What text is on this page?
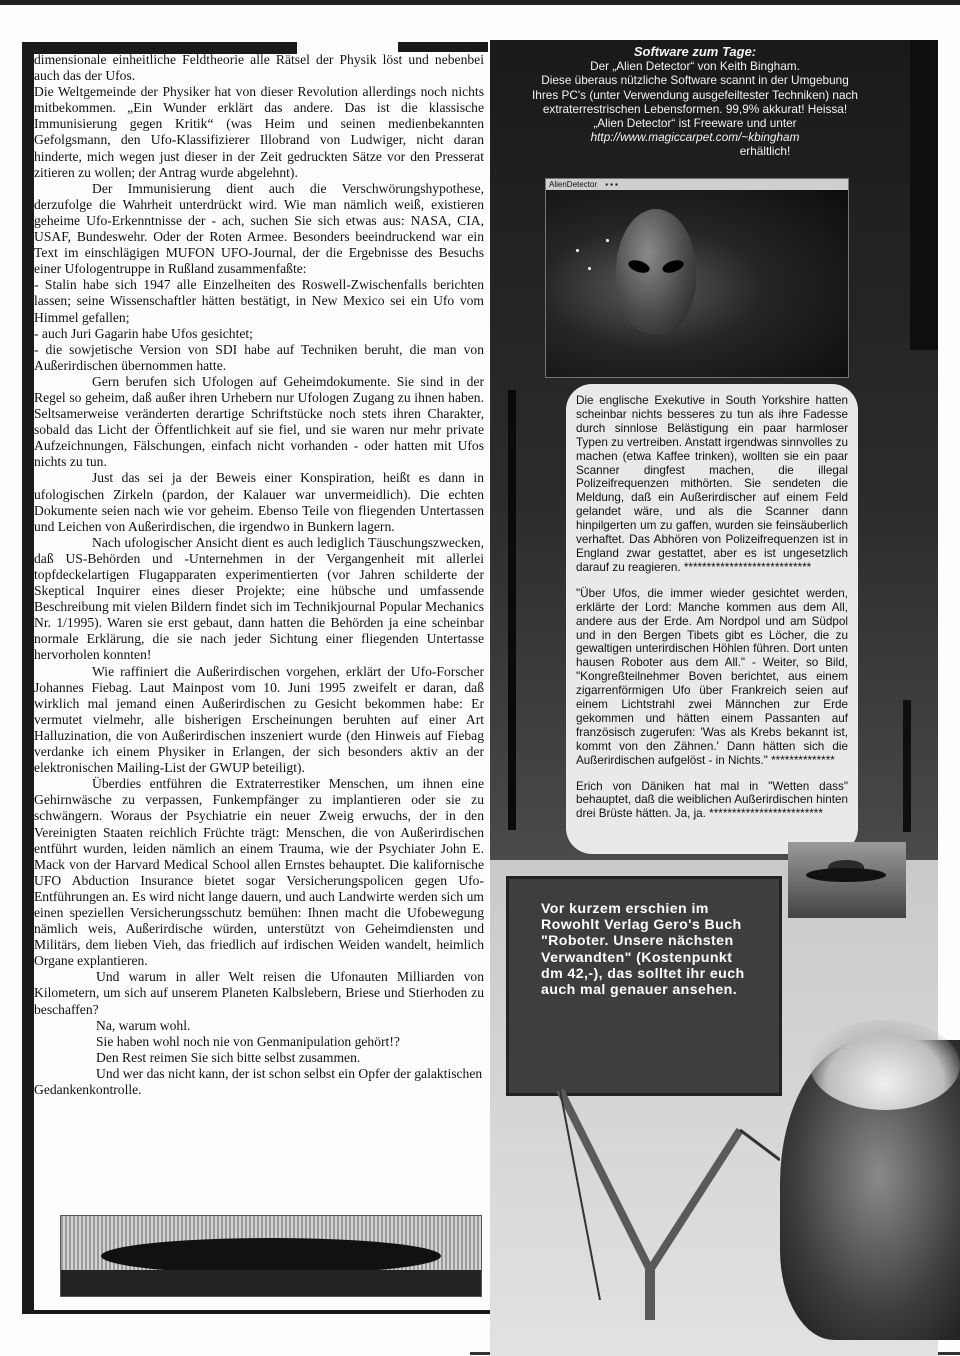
dimensionale einheitliche Feldtheorie alle Rätsel der Physik löst und nebenbei auch das der Ufos.

Die Weltgemeinde der Physiker hat von dieser Revolution allerdings noch nichts mitbekommen. „Ein Wunder erklärt das andere. Das ist die klassische Immunisierung gegen Kritik“ (was Heim und seinen medienbekannten Gefolgsmann, den Ufo-Klassifizierer Illobrand von Ludwiger, nicht daran hinderte, mich wegen just dieser in der Zeit gedruckten Sätze vor den Presserat zitieren zu wollen; der Antrag wurde abgelehnt).

Der Immunisierung dient auch die Verschwörungshypothese, derzufolge die Wahrheit unterdrückt wird. Wie man nämlich weiß, existieren geheime Ufo-Erkenntnisse der - ach, suchen Sie sich etwas aus: NASA, CIA, USAF, Bundeswehr. Oder der Roten Armee. Besonders beeindruckend war ein Text im einschlägigen MUFON UFO-Journal, der die Ergebnisse des Besuchs einer Ufologentruppe in Rußland zusammenfaßte:

- Stalin habe sich 1947 alle Einzelheiten des Roswell-Zwischenfalls berichten lassen; seine Wissenschaftler hätten bestätigt, in New Mexico sei ein Ufo vom Himmel gefallen;

- auch Juri Gagarin habe Ufos gesichtet;

- die sowjetische Version von SDI habe auf Techniken beruht, die man von Außerirdischen übernommen hatte.

Gern berufen sich Ufologen auf Geheimdokumente. Sie sind in der Regel so geheim, daß außer ihren Urhebern nur Ufologen Zugang zu ihnen haben. Seltsamerweise veränderten derartige Schriftstücke noch stets ihren Charakter, sobald das Licht der Öffentlichkeit auf sie fiel, und sie waren nur mehr private Aufzeichnungen, Fälschungen, einfach nicht vorhanden - oder hatten mit Ufos nichts zu tun.

Just das sei ja der Beweis einer Konspiration, heißt es dann in ufologischen Zirkeln (pardon, der Kalauer war unvermeidlich). Die echten Dokumente seien nach wie vor geheim. Ebenso Teile von fliegenden Untertassen und Leichen von Außerirdischen, die irgendwo in Bunkern lagern.

Nach ufologischer Ansicht dient es auch lediglich Täuschungszwecken, daß US-Behörden und -Unternehmen in der Vergangenheit mit allerlei topfdeckelartigen Flugapparaten experimentierten (vor Jahren schilderte der Skeptical Inquirer eines dieser Projekte; eine hübsche und umfassende Beschreibung mit vielen Bildern findet sich im Technikjournal Popular Mechanics Nr. 1/1995). Waren sie erst gebaut, dann hatten die Behörden ja eine scheinbar normale Erklärung, die sie nach jeder Sichtung einer fliegenden Untertasse hervorholen konnten!

Wie raffiniert die Außerirdischen vorgehen, erklärt der Ufo-Forscher Johannes Fiebag. Laut Mainpost vom 10. Juni 1995 zweifelt er daran, daß wirklich mal jemand einen Außerirdischen zu Gesicht bekommen habe: Er vermutet vielmehr, alle bisherigen Erscheinungen beruhten auf einer Art Halluzination, die von Außerirdischen inszeniert wurde (den Hinweis auf Fiebag verdanke ich einem Physiker in Erlangen, der sich besonders aktiv an der elektronischen Mailing-List der GWUP beteiligt).

Überdies entführen die Extraterrestiker Menschen, um ihnen eine Gehirnwäsche zu verpassen, Funkempfänger zu implantieren oder sie zu schwängern. Woraus der Psychiatrie ein neuer Zweig erwuchs, der in den Vereinigten Staaten reichlich Früchte trägt: Menschen, die von Außerirdischen entführt wurden, leiden nämlich an einem Trauma, wie der Psychiater John E. Mack von der Harvard Medical School allen Ernstes behauptet. Die kalifornische UFO Abduction Insurance bietet sogar Versicherungspolicen gegen Ufo-Entführungen an. Es wird nicht lange dauern, und auch Landwirte werden sich um einen speziellen Versicherungsschutz bemühen: Ihnen macht die Ufobewegung nämlich weis, Außerirdische würden, unterstützt von Geheimdiensten und Militärs, dem lieben Vieh, das friedlich auf irdischen Weiden wandelt, heimlich Organe explantieren.

Und warum in aller Welt reisen die Ufonauten Milliarden von Kilometern, um sich auf unserem Planeten Kalbslebern, Briese und Stierhoden zu beschaffen?

Na, warum wohl.

Sie haben wohl noch nie von Genmanipulation gehört!?

Den Rest reimen Sie sich bitte selbst zusammen.

Und wer das nicht kann, der ist schon selbst ein Opfer der galaktischen Gedankenkontrolle.

Software zum Tage:
Der „Alien Detector“ von Keith Bingham.
Diese überaus nützliche Software scannt in der Umgebung Ihres PC's (unter Verwendung ausgefeiltester Techniken) nach extraterrestrischen Lebensformen. 99,9% akkurat! Heissa! „Alien Detector“ ist Freeware und unter
http://www.magiccarpet.com/~kbingham
erhältlich!
AlienDetector ▪▪▪

Die englische Exekutive in South Yorkshire hatten scheinbar nichts besseres zu tun als ihre Fadesse durch sinnlose Belästigung ein paar harmloser Typen zu vertreiben. Anstatt irgendwas sinnvolles zu machen (etwa Kaffee trinken), wollten sie ein paar Scanner dingfest machen, die illegal Polizeifrequenzen mithörten. Sie sendeten die Meldung, daß ein Außerirdischer auf einem Feld gelandet wäre, und als die Scanner dann hinpilgerten um zu gaffen, wurden sie feinsäuberlich verhaftet. Das Abhören von Polizeifrequenzen ist in England zwar gestattet, aber es ist ungesetzlich darauf zu reagieren. ****************************

"Über Ufos, die immer wieder gesichtet werden, erklärte der Lord: Manche kommen aus dem All, andere aus der Erde. Am Nordpol und am Südpol und in den Bergen Tibets gibt es Löcher, die zu gewaltigen unterirdischen Höhlen führen. Dort unten hausen Roboter aus dem All." - Weiter, so Bild, "Kongreßteilnehmer Boven berichtet, aus einem zigarrenförmigen Ufo über Frankreich seien auf einem Lichtstrahl zwei Männchen zur Erde gekommen und hätten einem Passanten auf französisch zugerufen: 'Was als Krebs bekannt ist, kommt von den Zähnen.' Dann hätten sich die Außerirdischen aufgelöst - in Nichts." **************

Erich von Däniken hat mal in "Wetten dass" behauptet, daß die weiblichen Außerirdischen hinten drei Brüste hätten. Ja, ja. *************************

Vor kurzem erschien im Rowohlt Verlag Gero's Buch "Roboter. Unsere nächsten Verwandten" (Kostenpunkt dm 42,-), das solltet ihr euch auch mal genauer ansehen.
